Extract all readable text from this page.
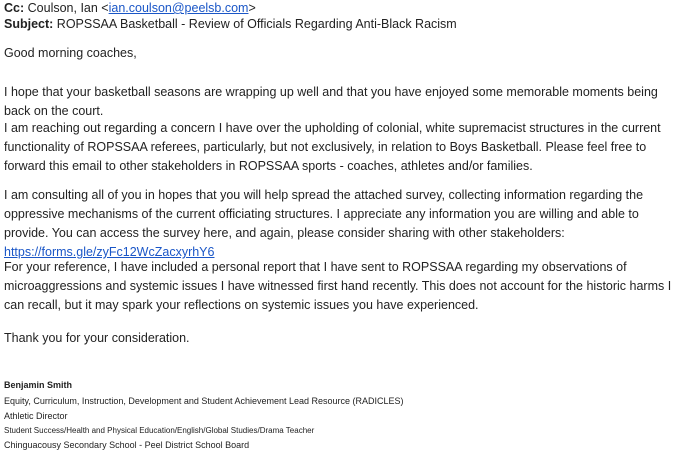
Cc: Coulson, Ian <ian.coulson@peelsb.com>
Subject: ROPSSAA Basketball - Review of Officials Regarding Anti-Black Racism

Good morning coaches,

I hope that your basketball seasons are wrapping up well and that you have enjoyed some memorable moments being back on the court.

I am reaching out regarding a concern I have over the upholding of colonial, white supremacist structures in the current functionality of ROPSSAA referees, particularly, but not exclusively, in relation to Boys Basketball. Please feel free to forward this email to other stakeholders in ROPSSAA sports - coaches, athletes and/or families.

I am consulting all of you in hopes that you will help spread the attached survey, collecting information regarding the oppressive mechanisms of the current officiating structures. I appreciate any information you are willing and able to provide. You can access the survey here, and again, please consider sharing with other stakeholders: https://forms.gle/zyFc12WcZacxyrhY6

For your reference, I have included a personal report that I have sent to ROPSSAA regarding my observations of microaggressions and systemic issues I have witnessed first hand recently. This does not account for the historic harms I can recall, but it may spark your reflections on systemic issues you have experienced.

Thank you for your consideration.

Benjamin Smith
Equity, Curriculum, Instruction, Development and Student Achievement Lead Resource (RADICLES)
Athletic Director
Student Success/Health and Physical Education/English/Global Studies/Drama Teacher
Chinguacousy Secondary School - Peel District School Board
